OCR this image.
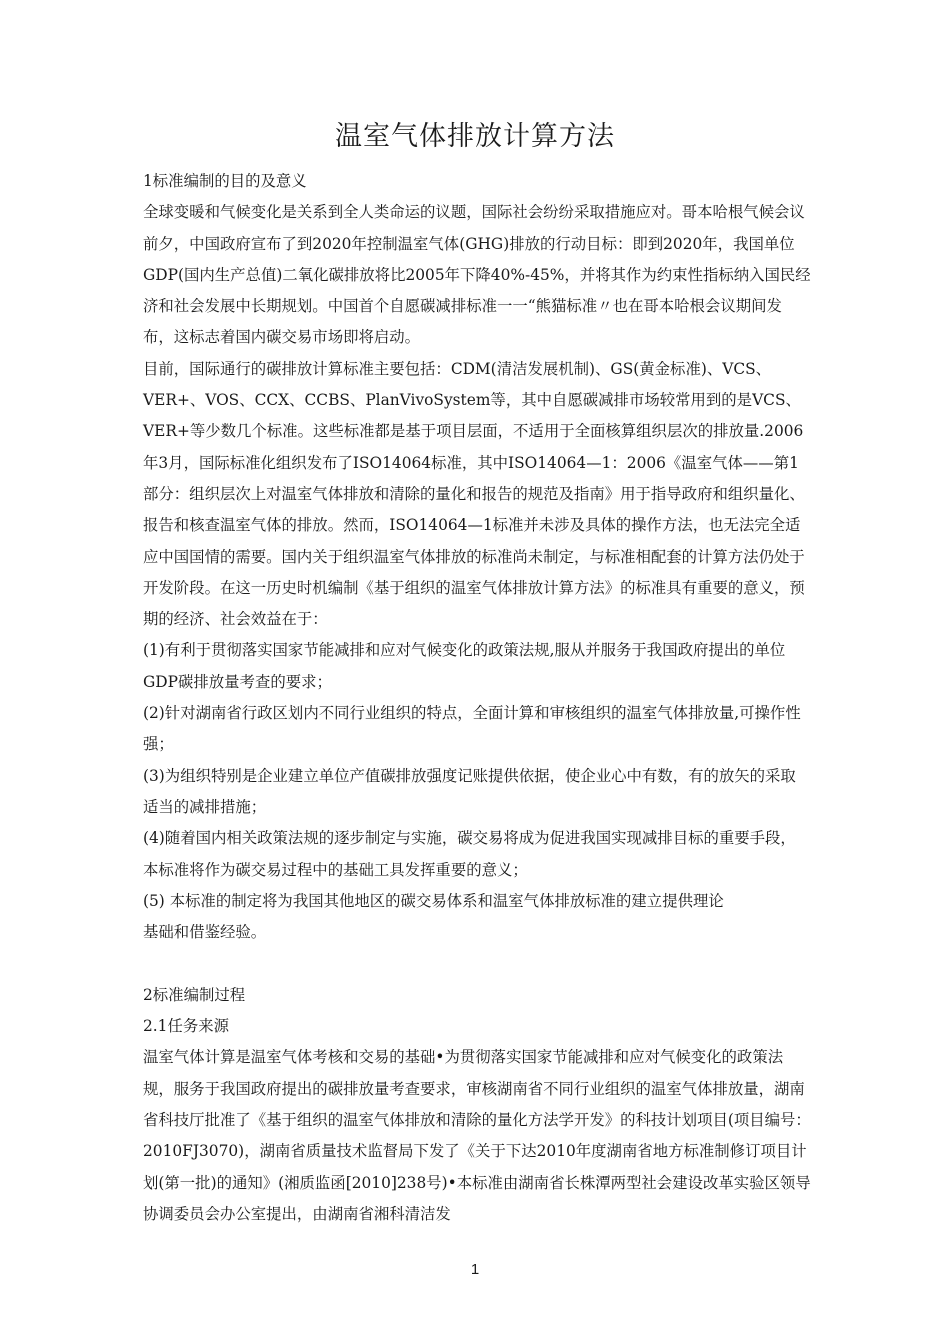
温室气体排放计算方法

1标准编制的目的及意义

全球变暖和气候变化是关系到全人类命运的议题，国际社会纷纷采取措施应对。哥本哈根气候会议前夕，中国政府宣布了到2020年控制温室气体(GHG)排放的行动目标：即到2020年，我国单位GDP(国内生产总值)二氧化碳排放将比2005年下降40%-45%，并将其作为约束性指标纳入国民经济和社会发展中长期规划。中国首个自愿碳减排标准一一“熊猫标准〃也在哥本哈根会议期间发布，这标志着国内碳交易市场即将启动。

目前，国际通行的碳排放计算标准主要包括：CDM(清洁发展机制)、GS(黄金标准)、VCS、VER+、VOS、CCX、CCBS、PlanVivoSystem等，其中自愿碳减排市场较常用到的是VCS、VER+等少数几个标准。这些标准都是基于项目层面，不适用于全面核算组织层次的排放量.2006年3月，国际标准化组织发布了ISO14064标准，其中ISO14064—1：2006《温室气体——第1部分：组织层次上对温室气体排放和清除的量化和报告的规范及指南》用于指导政府和组织量化、报告和核查温室气体的排放。然而，ISO14064—1标准并未涉及具体的操作方法，也无法完全适应中国国情的需要。国内关于组织温室气体排放的标准尚未制定，与标准相配套的计算方法仍处于开发阶段。在这一历史时机编制《基于组织的温室气体排放计算方法》的标准具有重要的意义，预期的经济、社会效益在于：

(1)有利于贯彻落实国家节能减排和应对气候变化的政策法规,服从并服务于我国政府提出的单位GDP碳排放量考查的要求；

(2)针对湖南省行政区划内不同行业组织的特点，全面计算和审核组织的温室气体排放量,可操作性强；

(3)为组织特别是企业建立单位产值碳排放强度记账提供依据，使企业心中有数，有的放矢的采取适当的减排措施；

(4)随着国内相关政策法规的逐步制定与实施，碳交易将成为促进我国实现减排目标的重要手段，本标准将作为碳交易过程中的基础工具发挥重要的意义；

(5) 本标准的制定将为我国其他地区的碳交易体系和温室气体排放标准的建立提供理论

基础和借鉴经验。

2标准编制过程

2.1任务来源

温室气体计算是温室气体考核和交易的基础•为贯彻落实国家节能减排和应对气候变化的政策法规，服务于我国政府提出的碳排放量考查要求，审核湖南省不同行业组织的温室气体排放量，湖南省科技厅批准了《基于组织的温室气体排放和清除的量化方法学开发》的科技计划项目(项目编号：2010FJ3070)，湖南省质量技术监督局下发了《关于下达2010年度湖南省地方标准制修订项目计划(第一批)的通知》(湘质监函[2010]238号)•本标准由湖南省长株潭两型社会建设改革实验区领导协调委员会办公室提出，由湖南省湘科清洁发

1
